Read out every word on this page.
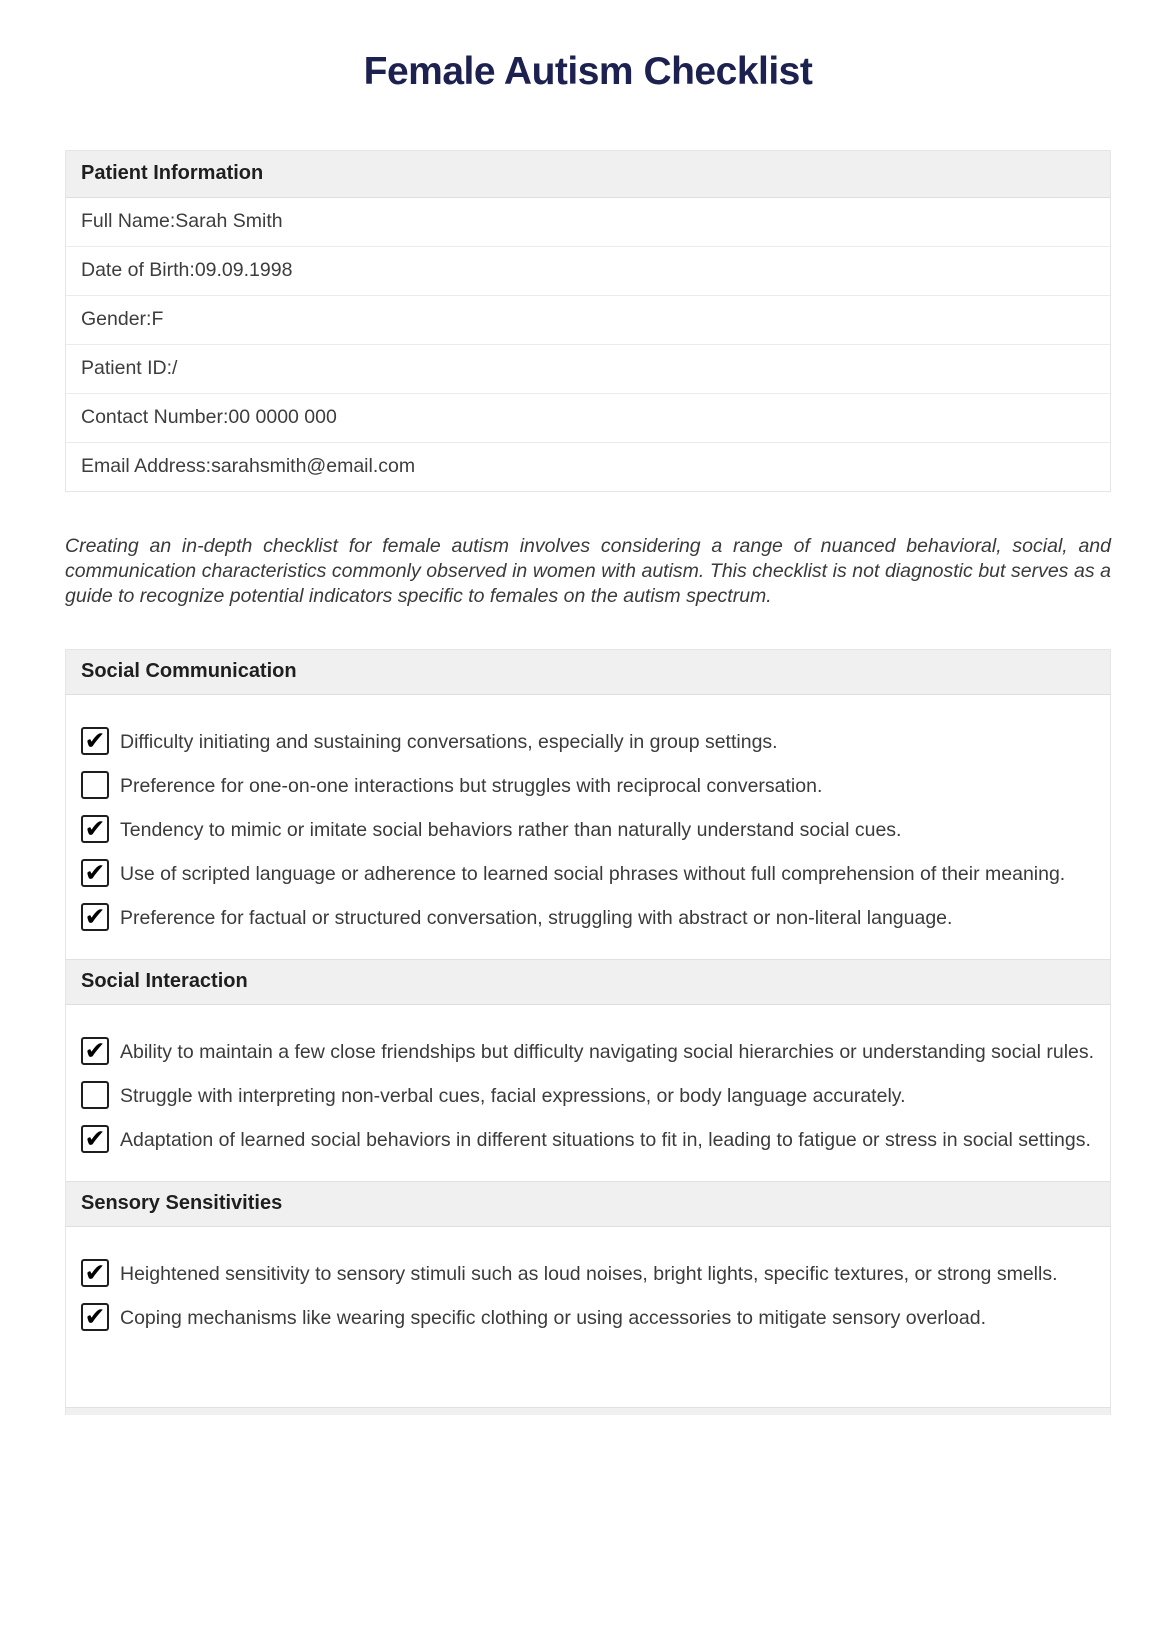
Female Autism Checklist
Patient Information
Full Name:Sarah Smith
Date of Birth:09.09.1998
Gender:F
Patient ID:/
Contact Number:00 0000 000
Email Address:sarahsmith@email.com

Creating an in-depth checklist for female autism involves considering a range of nuanced behavioral, social, and communication characteristics commonly observed in women with autism. This checklist is not diagnostic but serves as a guide to recognize potential indicators specific to females on the autism spectrum.

Social Communication
✔ Difficulty initiating and sustaining conversations, especially in group settings.
Preference for one-on-one interactions but struggles with reciprocal conversation.
✔ Tendency to mimic or imitate social behaviors rather than naturally understand social cues.
✔ Use of scripted language or adherence to learned social phrases without full comprehension of their meaning.
✔ Preference for factual or structured conversation, struggling with abstract or non-literal language.
Social Interaction
✔ Ability to maintain a few close friendships but difficulty navigating social hierarchies or understanding social rules.
Struggle with interpreting non-verbal cues, facial expressions, or body language accurately.
✔ Adaptation of learned social behaviors in different situations to fit in, leading to fatigue or stress in social settings.
Sensory Sensitivities
✔ Heightened sensitivity to sensory stimuli such as loud noises, bright lights, specific textures, or strong smells.
✔ Coping mechanisms like wearing specific clothing or using accessories to mitigate sensory overload.
